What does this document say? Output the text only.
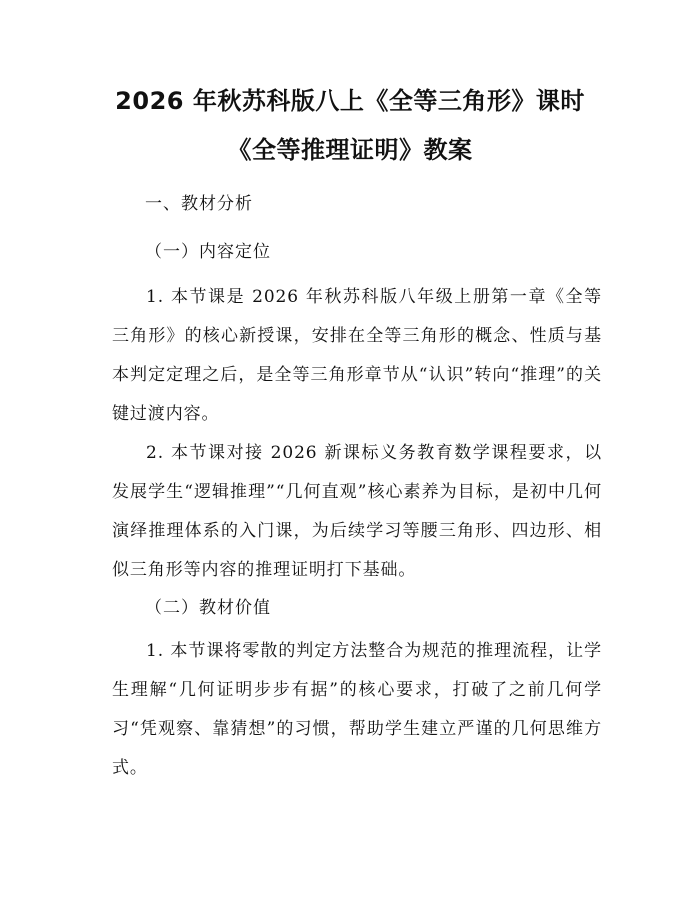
2026 年秋苏科版八上《全等三角形》课时
《全等推理证明》教案
一、教材分析
（一）内容定位

1. 本节课是 2026 年秋苏科版八年级上册第一章《全等三角形》的核心新授课，安排在全等三角形的概念、性质与基本判定定理之后，是全等三角形章节从“认识”转向“推理”的关键过渡内容。

2. 本节课对接 2026 新课标义务教育数学课程要求，以发展学生“逻辑推理”“几何直观”核心素养为目标，是初中几何演绎推理体系的入门课，为后续学习等腰三角形、四边形、相似三角形等内容的推理证明打下基础。

（二）教材价值

1. 本节课将零散的判定方法整合为规范的推理流程，让学生理解“几何证明步步有据”的核心要求，打破了之前几何学习“凭观察、靠猜想”的习惯，帮助学生建立严谨的几何思维方式。
